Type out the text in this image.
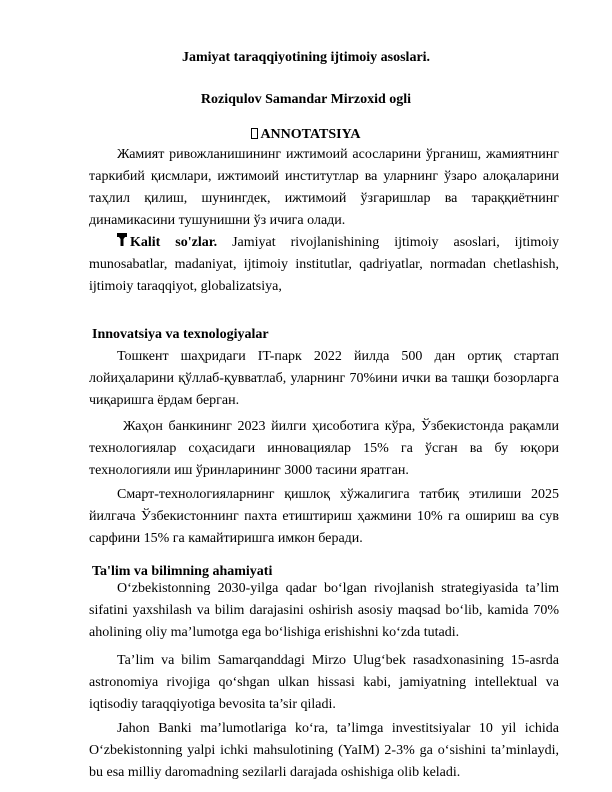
Jamiyat taraqqiyotining ijtimoiy asoslari.
Roziqulov Samandar Mirzoxid ogli
ANNOTATSIYA
Жамият ривожланишининг ижтимоий асосларини ўрганиш, жамиятнинг таркибий қисмлари, ижтимоий институтлар ва уларнинг ўзаро алоқаларини таҳлил қилиш, шунингдек, ижтимоий ўзгаришлар ва тараққиётнинг динамикасини тушунишни ўз ичига олади.
Kalit so'zlar. Jamiyat rivojlanishining ijtimoiy asoslari, ijtimoiy munosabatlar, madaniyat, ijtimoiy institutlar, qadriyatlar, normadan chetlashish, ijtimoiy taraqqiyot, globalizatsiya,
Innovatsiya va texnologiyalar
Тошкент шаҳридаги IT-парк 2022 йилда 500 дан ортиқ стартап лойиҳаларини қўллаб-қувватлаб, уларнинг 70%ини ички ва ташқи бозорларга чиқаришга ёрдам берган.
Жаҳон банкининг 2023 йилги ҳисоботига кўра, Ўзбекистонда рақамли технологиялар соҳасидаги инновациялар 15% га ўсган ва бу юқори технологияли иш ўринларининг 3000 тасини яратган.
Смарт-технологияларнинг қишлоқ хўжалигига татбиқ этилиши 2025 йилгача Ўзбекистоннинг пахта етиштириш ҳажмини 10% га ошириш ва сув сарфини 15% га камайтиришга имкон беради.
Ta'lim va bilimning ahamiyati
O‘zbekistonning 2030-yilga qadar bo‘lgan rivojlanish strategiyasida ta’lim sifatini yaxshilash va bilim darajasini oshirish asosiy maqsad bo‘lib, kamida 70% aholining oliy ma’lumotga ega bo‘lishiga erishishni ko‘zda tutadi.
Ta’lim va bilim Samarqanddagi Mirzo Ulug‘bek rasadxonasining 15-asrda astronomiya rivojiga qo‘shgan ulkan hissasi kabi, jamiyatning intellektual va iqtisodiy taraqqiyotiga bevosita ta’sir qiladi.
Jahon Banki ma’lumotlariga ko‘ra, ta’limga investitsiyalar 10 yil ichida O‘zbekistonning yalpi ichki mahsulotining (YaIM) 2-3% ga o‘sishini ta’minlaydi, bu esa milliy daromadning sezilarli darajada oshishiga olib keladi.
